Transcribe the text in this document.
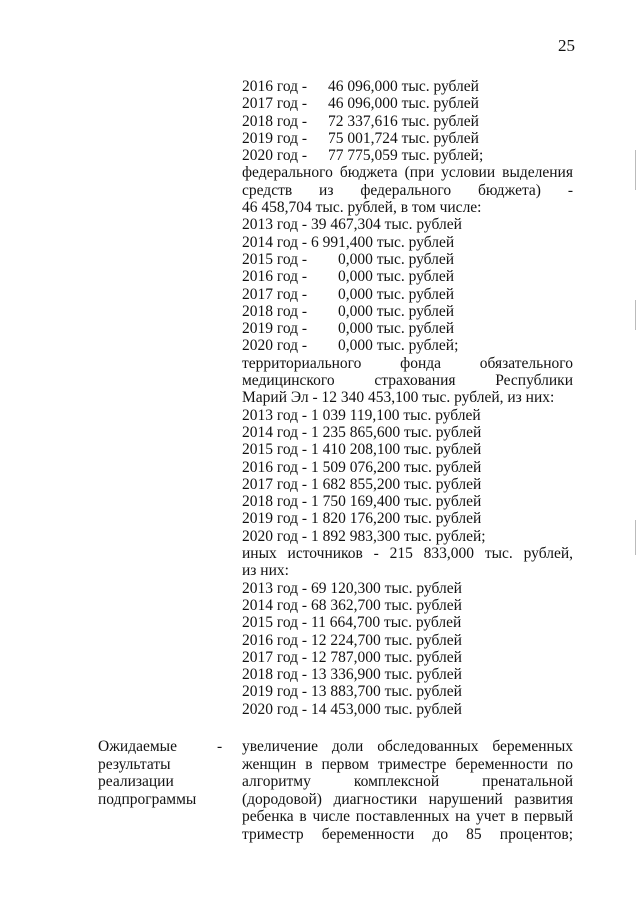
25
2016 год - 46 096,000 тыс. рублей
2017 год - 46 096,000 тыс. рублей
2018 год - 72 337,616 тыс. рублей
2019 год - 75 001,724 тыс. рублей
2020 год - 77 775,059 тыс. рублей;
федерального бюджета (при условии выделения
средств из федерального бюджета) -
46 458,704 тыс. рублей, в том числе:
2013 год - 39 467,304 тыс. рублей
2014 год - 6 991,400 тыс. рублей
2015 год - 0,000 тыс. рублей
2016 год - 0,000 тыс. рублей
2017 год - 0,000 тыс. рублей
2018 год - 0,000 тыс. рублей
2019 год - 0,000 тыс. рублей
2020 год - 0,000 тыс. рублей;
территориального фонда обязательного
медицинского страхования Республики
Марий Эл - 12 340 453,100 тыс. рублей, из них:
2013 год - 1 039 119,100 тыс. рублей
2014 год - 1 235 865,600 тыс. рублей
2015 год - 1 410 208,100 тыс. рублей
2016 год - 1 509 076,200 тыс. рублей
2017 год - 1 682 855,200 тыс. рублей
2018 год - 1 750 169,400 тыс. рублей
2019 год - 1 820 176,200 тыс. рублей
2020 год - 1 892 983,300 тыс. рублей;
иных источников - 215 833,000 тыс. рублей,
из них:
2013 год - 69 120,300 тыс. рублей
2014 год - 68 362,700 тыс. рублей
2015 год - 11 664,700 тыс. рублей
2016 год - 12 224,700 тыс. рублей
2017 год - 12 787,000 тыс. рублей
2018 год - 13 336,900 тыс. рублей
2019 год - 13 883,700 тыс. рублей
2020 год - 14 453,000 тыс. рублей
Ожидаемые результаты реализации подпрограммы
- увеличение доли обследованных беременных женщин в первом триместре беременности по алгоритму комплексной пренатальной (дородовой) диагностики нарушений развития ребенка в числе поставленных на учет в первый триместр беременности до 85 процентов;
